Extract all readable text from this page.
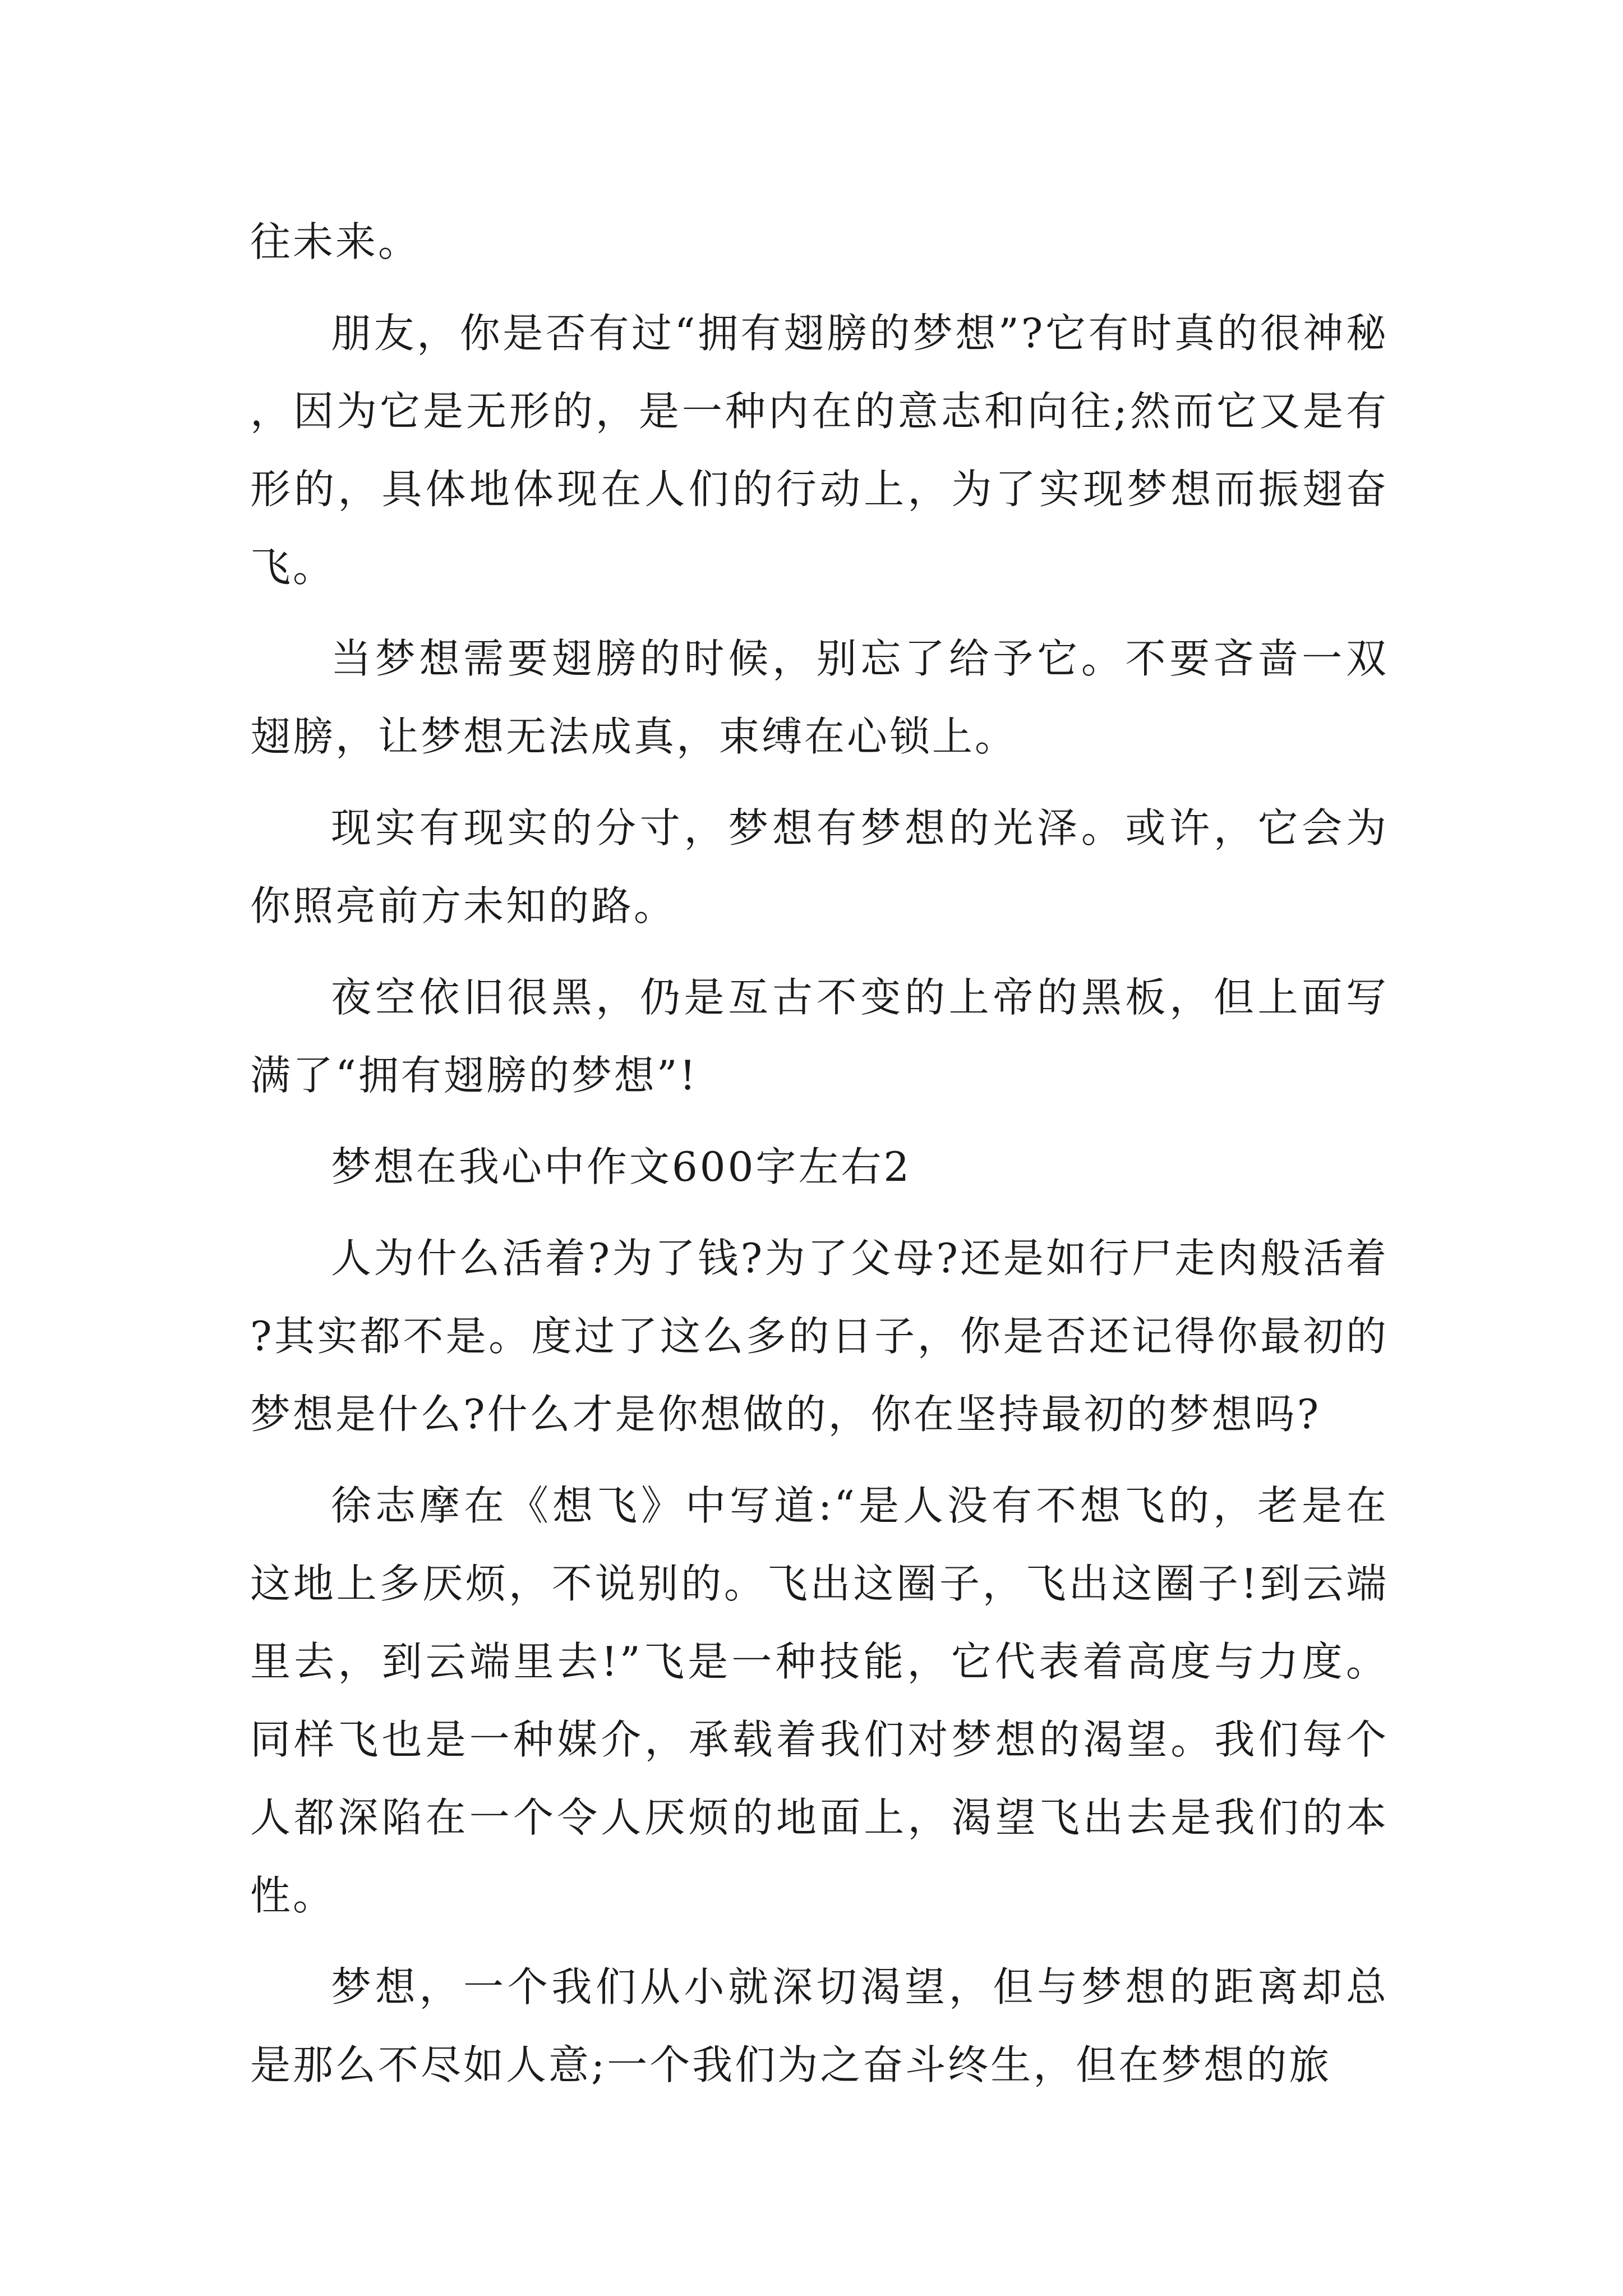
往未来。

朋友，你是否有过“拥有翅膀的梦想”?它有时真的很神秘，因为它是无形的，是一种内在的意志和向往;然而它又是有形的，具体地体现在人们的行动上，为了实现梦想而振翅奋飞。

当梦想需要翅膀的时候，别忘了给予它。不要吝啬一双翅膀，让梦想无法成真，束缚在心锁上。

现实有现实的分寸，梦想有梦想的光泽。或许，它会为你照亮前方未知的路。

夜空依旧很黑，仍是亙古不变的上帝的黑板，但上面写满了“拥有翅膀的梦想”!

梦想在我心中作文600字左右2

人为什么活着?为了钱?为了父母?还是如行尸走肉般活着?其实都不是。度过了这么多的日子，你是否还记得你最初的梦想是什么?什么才是你想做的，你在坚持最初的梦想吗?

徐志摩在《想飞》中写道:“是人没有不想飞的，老是在这地上多厌烦，不说别的。飞出这圈子，飞出这圈子!到云端里去，到云端里去!”飞是一种技能，它代表着高度与力度。同样飞也是一种媒介，承载着我们对梦想的渴望。我们每个人都深陷在一个令人厌烦的地面上，渴望飞出去是我们的本性。

梦想，一个我们从小就深切渴望，但与梦想的距离却总是那么不尽如人意;一个我们为之奋斗终生，但在梦想的旅
